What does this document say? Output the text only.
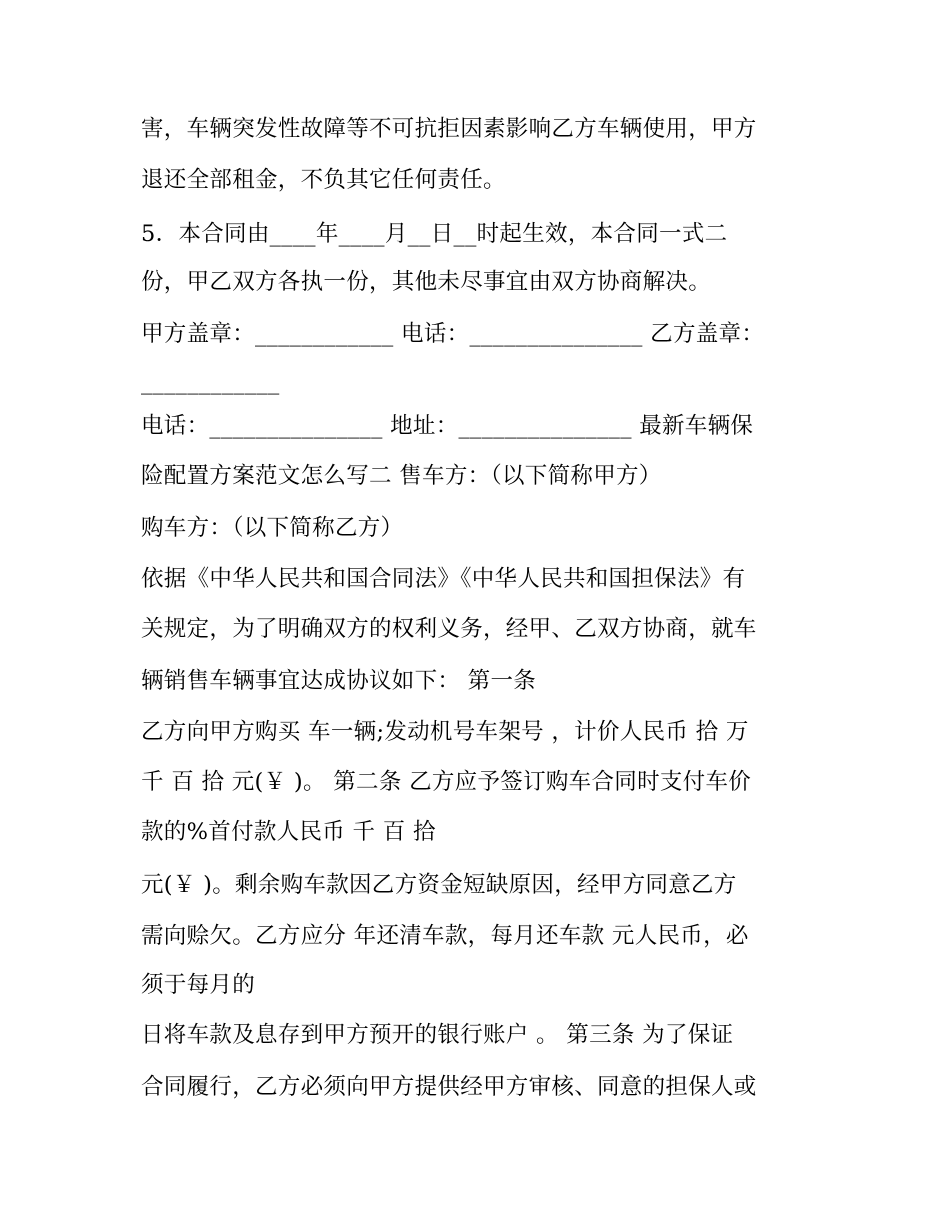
害，车辆突发性故障等不可抗拒因素影响乙方车辆使用，甲方
退还全部租金，不负其它任何责任。
5．本合同由____年____月__日__时起生效，本合同一式二
份，甲乙双方各执一份，其他未尽事宜由双方协商解决。
甲方盖章：____________ 电话：_______________ 乙方盖章：
____________
电话：_______________ 地址：_______________ 最新车辆保
险配置方案范文怎么写二 售车方：（以下简称甲方）
购车方：（以下简称乙方）
依据《中华人民共和国合同法》《中华人民共和国担保法》有
关规定，为了明确双方的权利义务，经甲、乙双方协商，就车
辆销售车辆事宜达成协议如下： 第一条
乙方向甲方购买 车一辆;发动机号车架号 ，计价人民币 拾 万
千 百 拾 元(￥ )。 第二条 乙方应予签订购车合同时支付车价
款的%首付款人民币 千 百 拾
元(￥ )。剩余购车款因乙方资金短缺原因，经甲方同意乙方
需向赊欠。乙方应分 年还清车款，每月还车款 元人民币，必
须于每月的
日将车款及息存到甲方预开的银行账户 。 第三条 为了保证
合同履行，乙方必须向甲方提供经甲方审核、同意的担保人或
